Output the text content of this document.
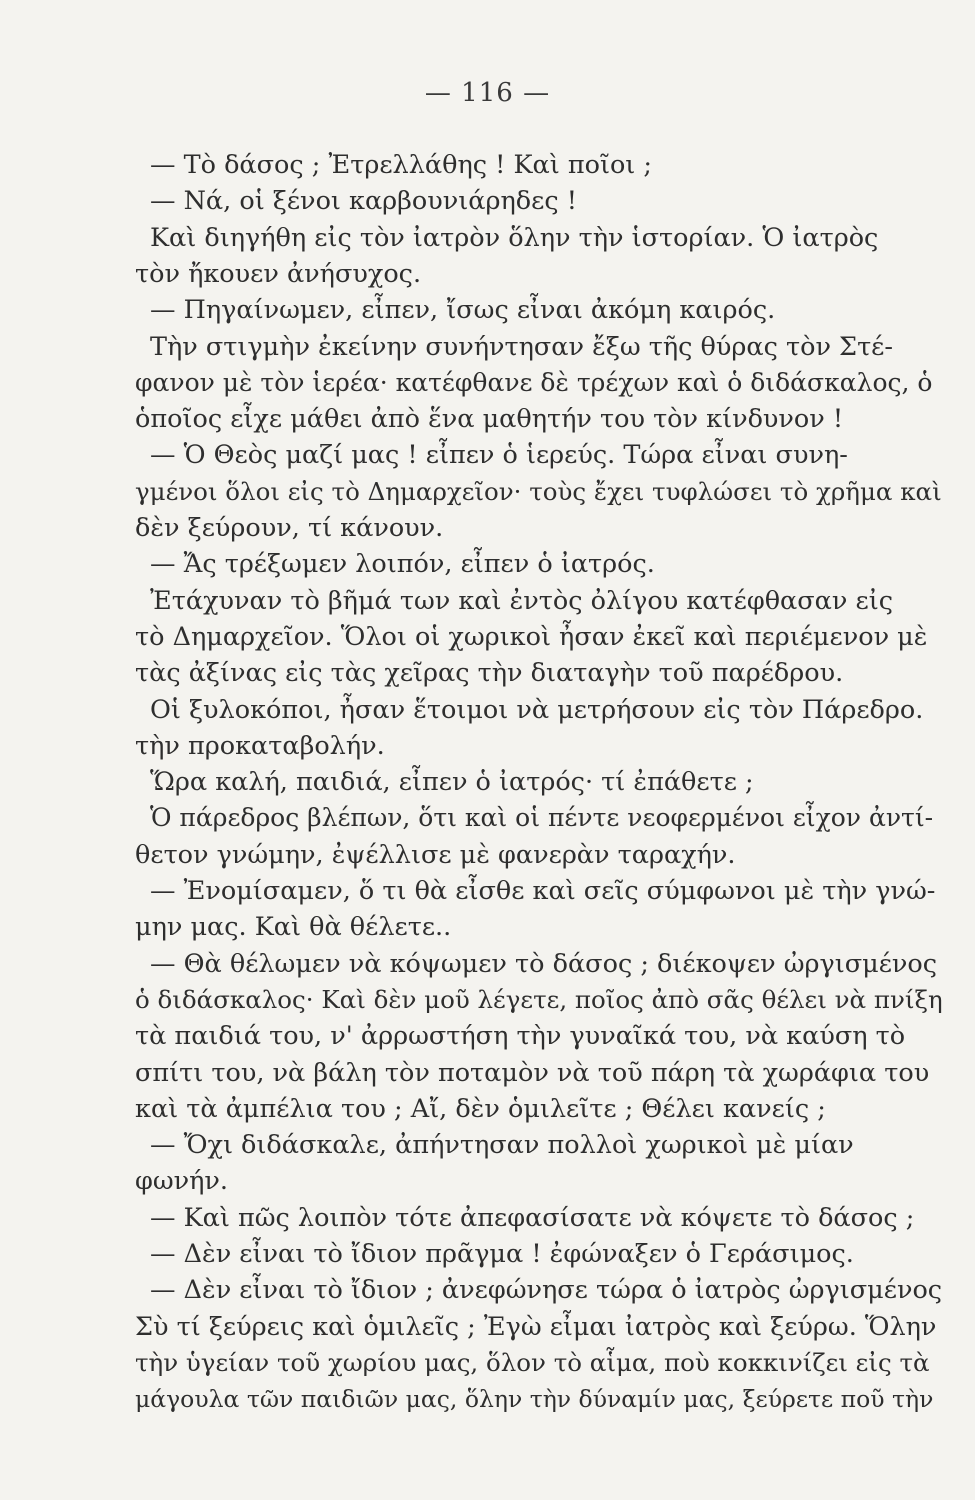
— 116 —
— Τὸ δάσος ; Ἐτρελλάθης ! Καὶ ποῖοι ;
— Νά, οἱ ξένοι καρβουνιάρηδες !
Καὶ διηγήθη εἰς τὸν ἰατρὸν ὅλην τὴν ἱστορίαν. Ὁ ἰατρὸς
τὸν ἤκουεν ἀνήσυχος.
— Πηγαίνωμεν, εἶπεν, ἴσως εἶναι ἀκόμη καιρός.
Τὴν στιγμὴν ἐκείνην συνήντησαν ἔξω τῆς θύρας τὸν Στέ-
φανον μὲ τὸν ἱερέα· κατέφθανε δὲ τρέχων καὶ ὁ διδάσκαλος, ὁ
ὁποῖος εἶχε μάθει ἀπὸ ἕνα μαθητήν του τὸν κίνδυνον !
— Ὁ Θεὸς μαζί μας ! εἶπεν ὁ ἱερεύς. Τώρα εἶναι συνη-
γμένοι ὅλοι εἰς τὸ Δημαρχεῖον· τοὺς ἔχει τυφλώσει τὸ χρῆμα καὶ
δὲν ξεύρουν, τί κάνουν.
— Ἄς τρέξωμεν λοιπόν, εἶπεν ὁ ἰατρός.
Ἐτάχυναν τὸ βῆμά των καὶ ἐντὸς ὀλίγου κατέφθασαν εἰς
τὸ Δημαρχεῖον. Ὅλοι οἱ χωρικοὶ ἦσαν ἐκεῖ καὶ περιέμενον μὲ
τὰς ἀξίνας εἰς τὰς χεῖρας τὴν διαταγὴν τοῦ παρέδρου.
Οἱ ξυλοκόποι, ἦσαν ἕτοιμοι νὰ μετρήσουν εἰς τὸν Πάρεδρο.
τὴν προκαταβολήν.
Ὥρα καλή, παιδιά, εἶπεν ὁ ἰατρός· τί ἐπάθετε ;
Ὁ πάρεδρος βλέπων, ὅτι καὶ οἱ πέντε νεοφερμένοι εἶχον ἀντί-
θετον γνώμην, ἐψέλλισε μὲ φανερὰν ταραχήν.
— Ἐνομίσαμεν, ὅ τι θὰ εἶσθε καὶ σεῖς σύμφωνοι μὲ τὴν γνώ-
μην μας. Καὶ θὰ θέλετε..
— Θὰ θέλωμεν νὰ κόψωμεν τὸ δάσος ; διέκοψεν ὠργισμένος
ὁ διδάσκαλος· Καὶ δὲν μοῦ λέγετε, ποῖος ἀπὸ σᾶς θέλει νὰ πνίξη
τὰ παιδιά του, ν' ἀρρωστήση τὴν γυναῖκά του, νὰ καύση τὸ
σπίτι του, νὰ βάλη τὸν ποταμὸν νὰ τοῦ πάρη τὰ χωράφια του
καὶ τὰ ἀμπέλια του ; Αἴ, δὲν ὁμιλεῖτε ; Θέλει κανείς ;
— Ὄχι διδάσκαλε, ἀπήντησαν πολλοὶ χωρικοὶ μὲ μίαν
φωνήν.
— Καὶ πῶς λοιπὸν τότε ἀπεφασίσατε νὰ κόψετε τὸ δάσος ;
— Δὲν εἶναι τὸ ἴδιον πρᾶγμα ! ἐφώναξεν ὁ Γεράσιμος.
— Δὲν εἶναι τὸ ἴδιον ; ἀνεφώνησε τώρα ὁ ἰατρὸς ὠργισμένος
Σὺ τί ξεύρεις καὶ ὁμιλεῖς ; Ἐγὼ εἶμαι ἰατρὸς καὶ ξεύρω. Ὅλην
τὴν ὑγείαν τοῦ χωρίου μας, ὅλον τὸ αἷμα, ποὺ κοκκινίζει εἰς τὰ
μάγουλα τῶν παιδιῶν μας, ὅλην τὴν δύναμίν μας, ξεύρετε ποῦ τὴν
